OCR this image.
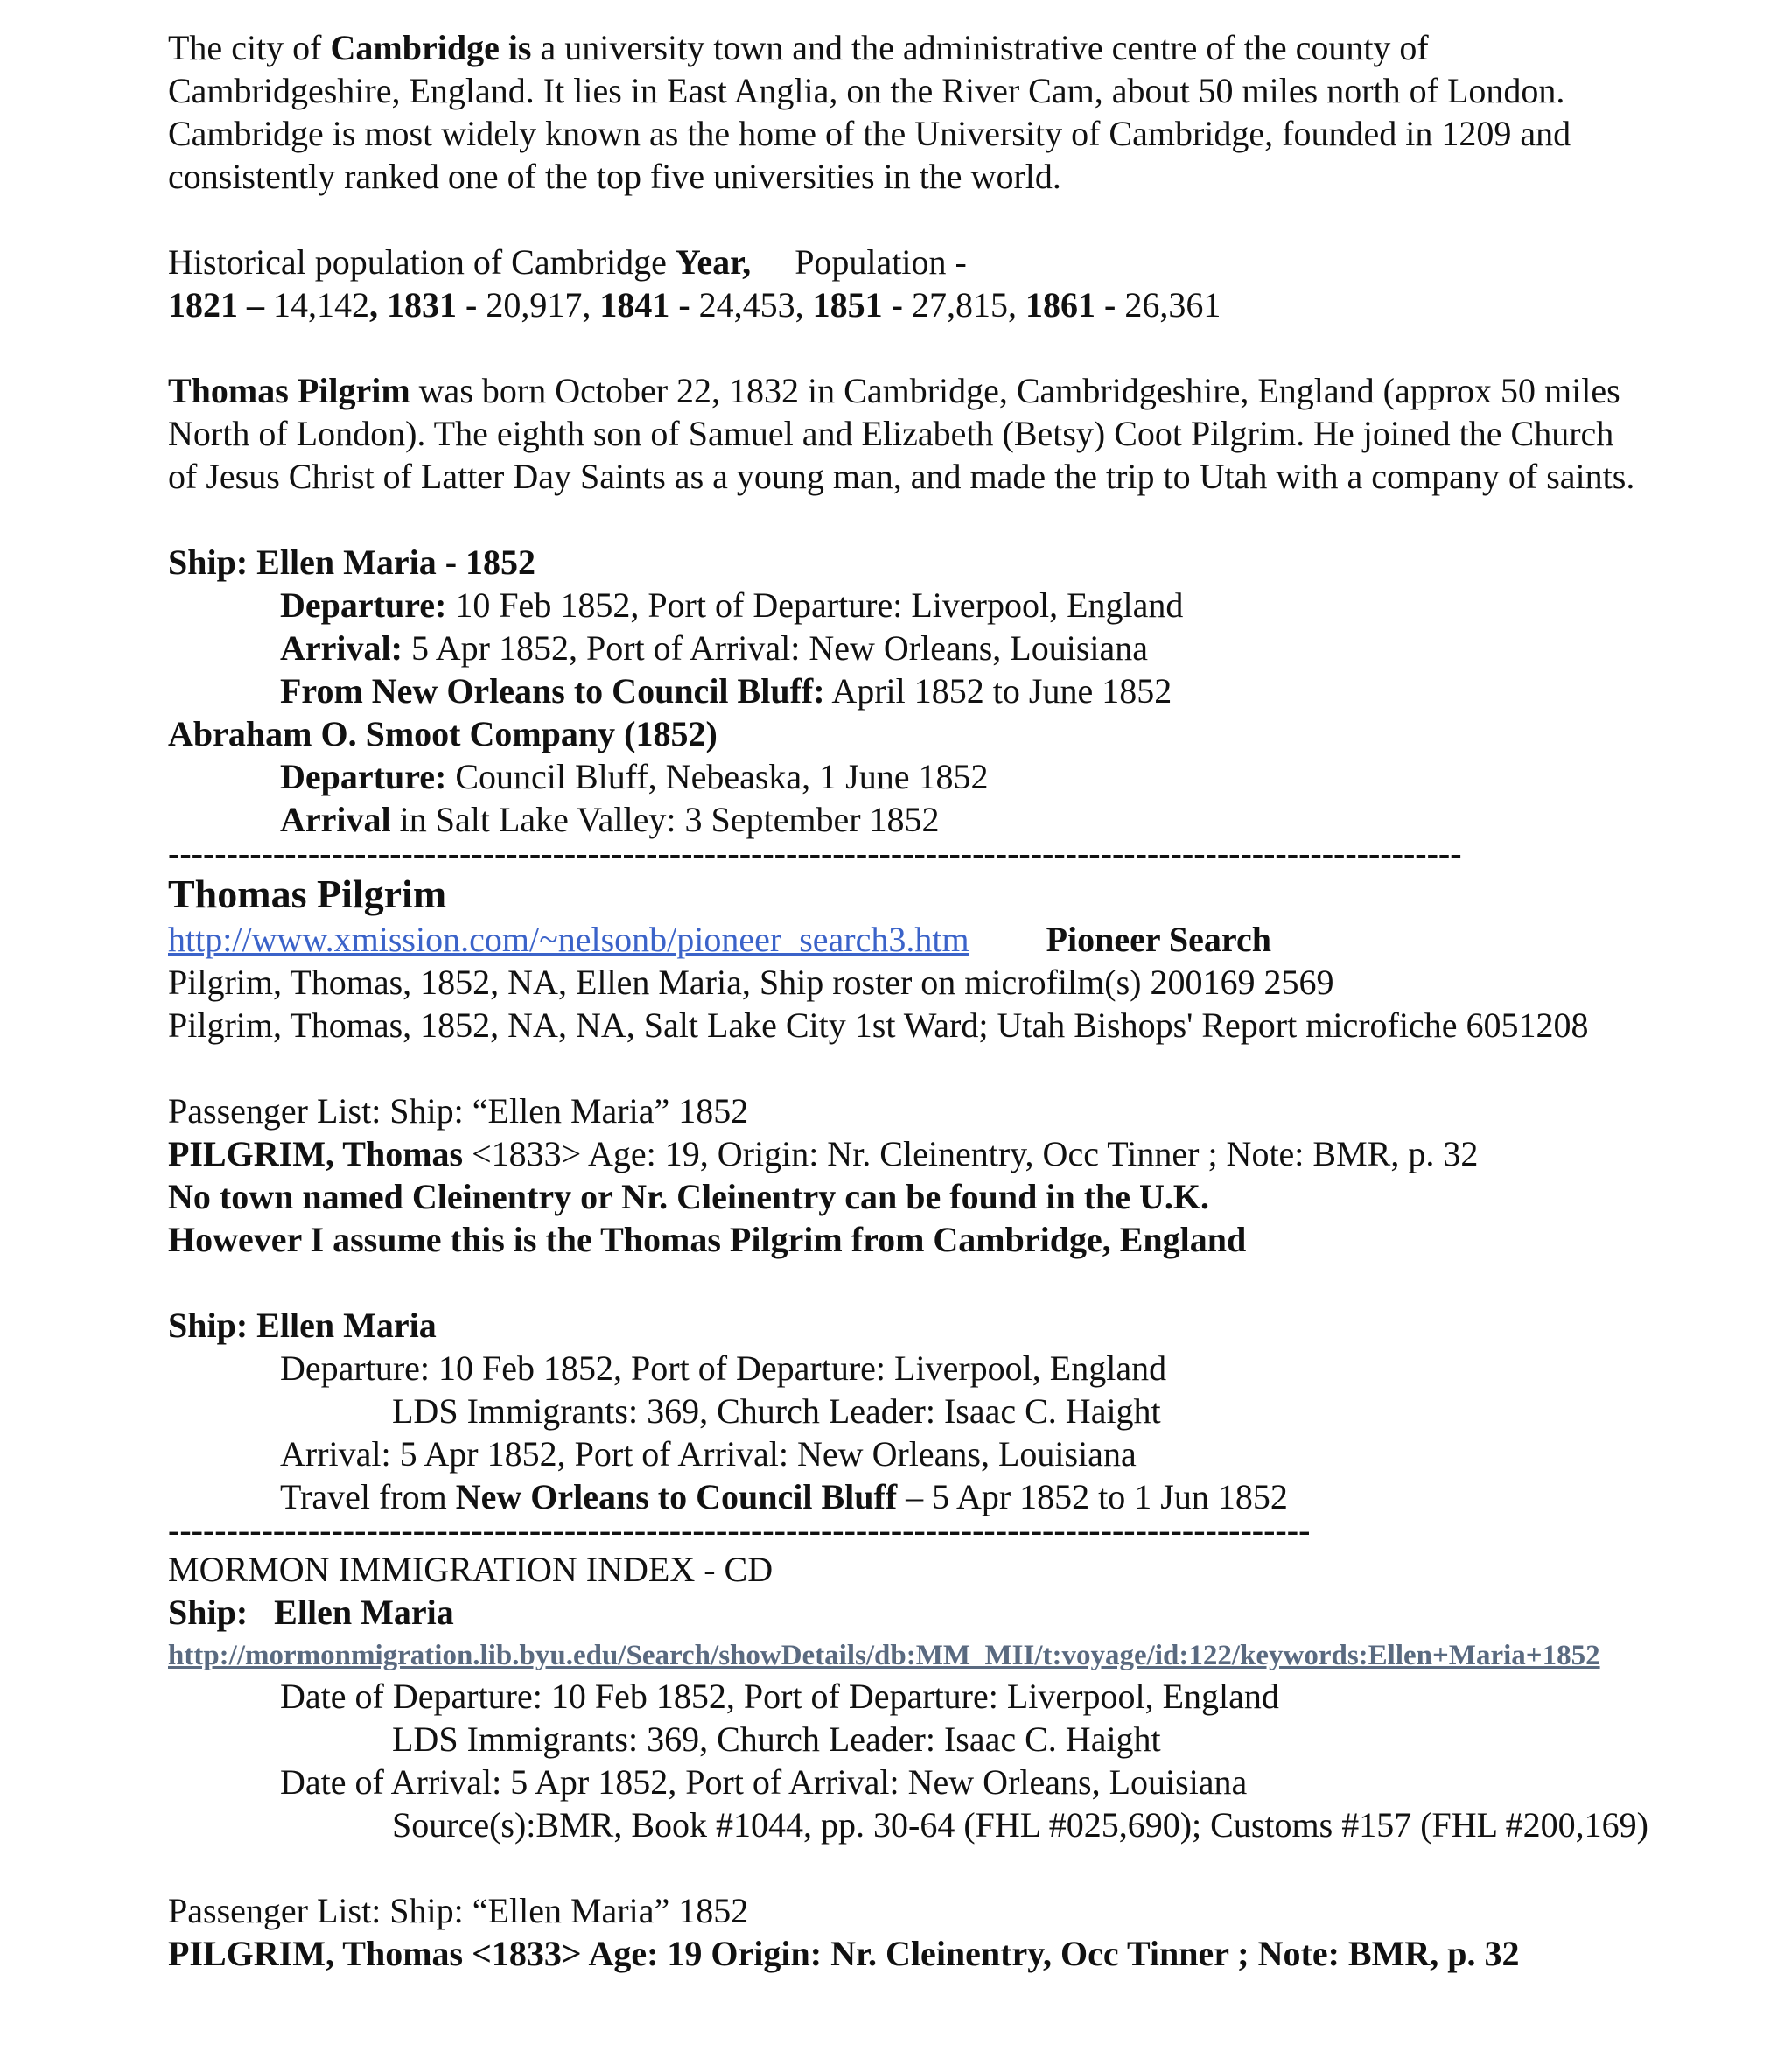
The city of Cambridge is a university town and the administrative centre of the county of

Cambridgeshire, England. It lies in East Anglia, on the River Cam, about 50 miles north of London.

Cambridge is most widely known as the home of the University of Cambridge, founded in 1209 and

consistently ranked one of the top five universities in the world.

Historical population of Cambridge Year,     Population -

1821 – 14,142, 1831 - 20,917, 1841 - 24,453, 1851 - 27,815, 1861 - 26,361

Thomas Pilgrim was born October 22, 1832 in Cambridge, Cambridgeshire, England (approx 50 miles

North of London). The eighth son of Samuel and Elizabeth (Betsy) Coot Pilgrim. He joined the Church

of Jesus Christ of Latter Day Saints as a young man, and made the trip to Utah with a company of saints.

Ship: Ellen Maria - 1852

Departure: 10 Feb 1852, Port of Departure: Liverpool, England

Arrival: 5 Apr 1852, Port of Arrival: New Orleans, Louisiana

From New Orleans to Council Bluff: April 1852 to June 1852

Abraham O. Smoot Company (1852)

Departure: Council Bluff, Nebeaska, 1 June 1852

Arrival in Salt Lake Valley: 3 September 1852

---------------------------------------------------------------------------------------------------------------

Thomas Pilgrim

http://www.xmission.com/~nelsonb/pioneer_search3.htm Pioneer Search

Pilgrim, Thomas, 1852, NA, Ellen Maria, Ship roster on microfilm(s) 200169 2569

Pilgrim, Thomas, 1852, NA, NA, Salt Lake City 1st Ward; Utah Bishops' Report microfiche 6051208

Passenger List: Ship: “Ellen Maria” 1852

PILGRIM, Thomas <1833> Age: 19, Origin: Nr. Cleinentry, Occ Tinner ; Note: BMR, p. 32

No town named Cleinentry or Nr. Cleinentry can be found in the U.K.

However I assume this is the Thomas Pilgrim from Cambridge, England

Ship: Ellen Maria

Departure: 10 Feb 1852, Port of Departure: Liverpool, England

LDS Immigrants: 369, Church Leader: Isaac C. Haight

Arrival: 5 Apr 1852, Port of Arrival: New Orleans, Louisiana

Travel from New Orleans to Council Bluff – 5 Apr 1852 to 1 Jun 1852

--------------------------------------------------------------------------------------------------

MORMON IMMIGRATION INDEX - CD

Ship:   Ellen Maria

http://mormonmigration.lib.byu.edu/Search/showDetails/db:MM_MII/t:voyage/id:122/keywords:Ellen+Maria+1852

Date of Departure: 10 Feb 1852, Port of Departure: Liverpool, England

LDS Immigrants: 369, Church Leader: Isaac C. Haight

Date of Arrival: 5 Apr 1852, Port of Arrival: New Orleans, Louisiana

Source(s):BMR, Book #1044, pp. 30-64 (FHL #025,690); Customs #157 (FHL #200,169)

Passenger List: Ship: “Ellen Maria” 1852

PILGRIM, Thomas <1833> Age: 19 Origin: Nr. Cleinentry, Occ Tinner ; Note: BMR, p. 32
